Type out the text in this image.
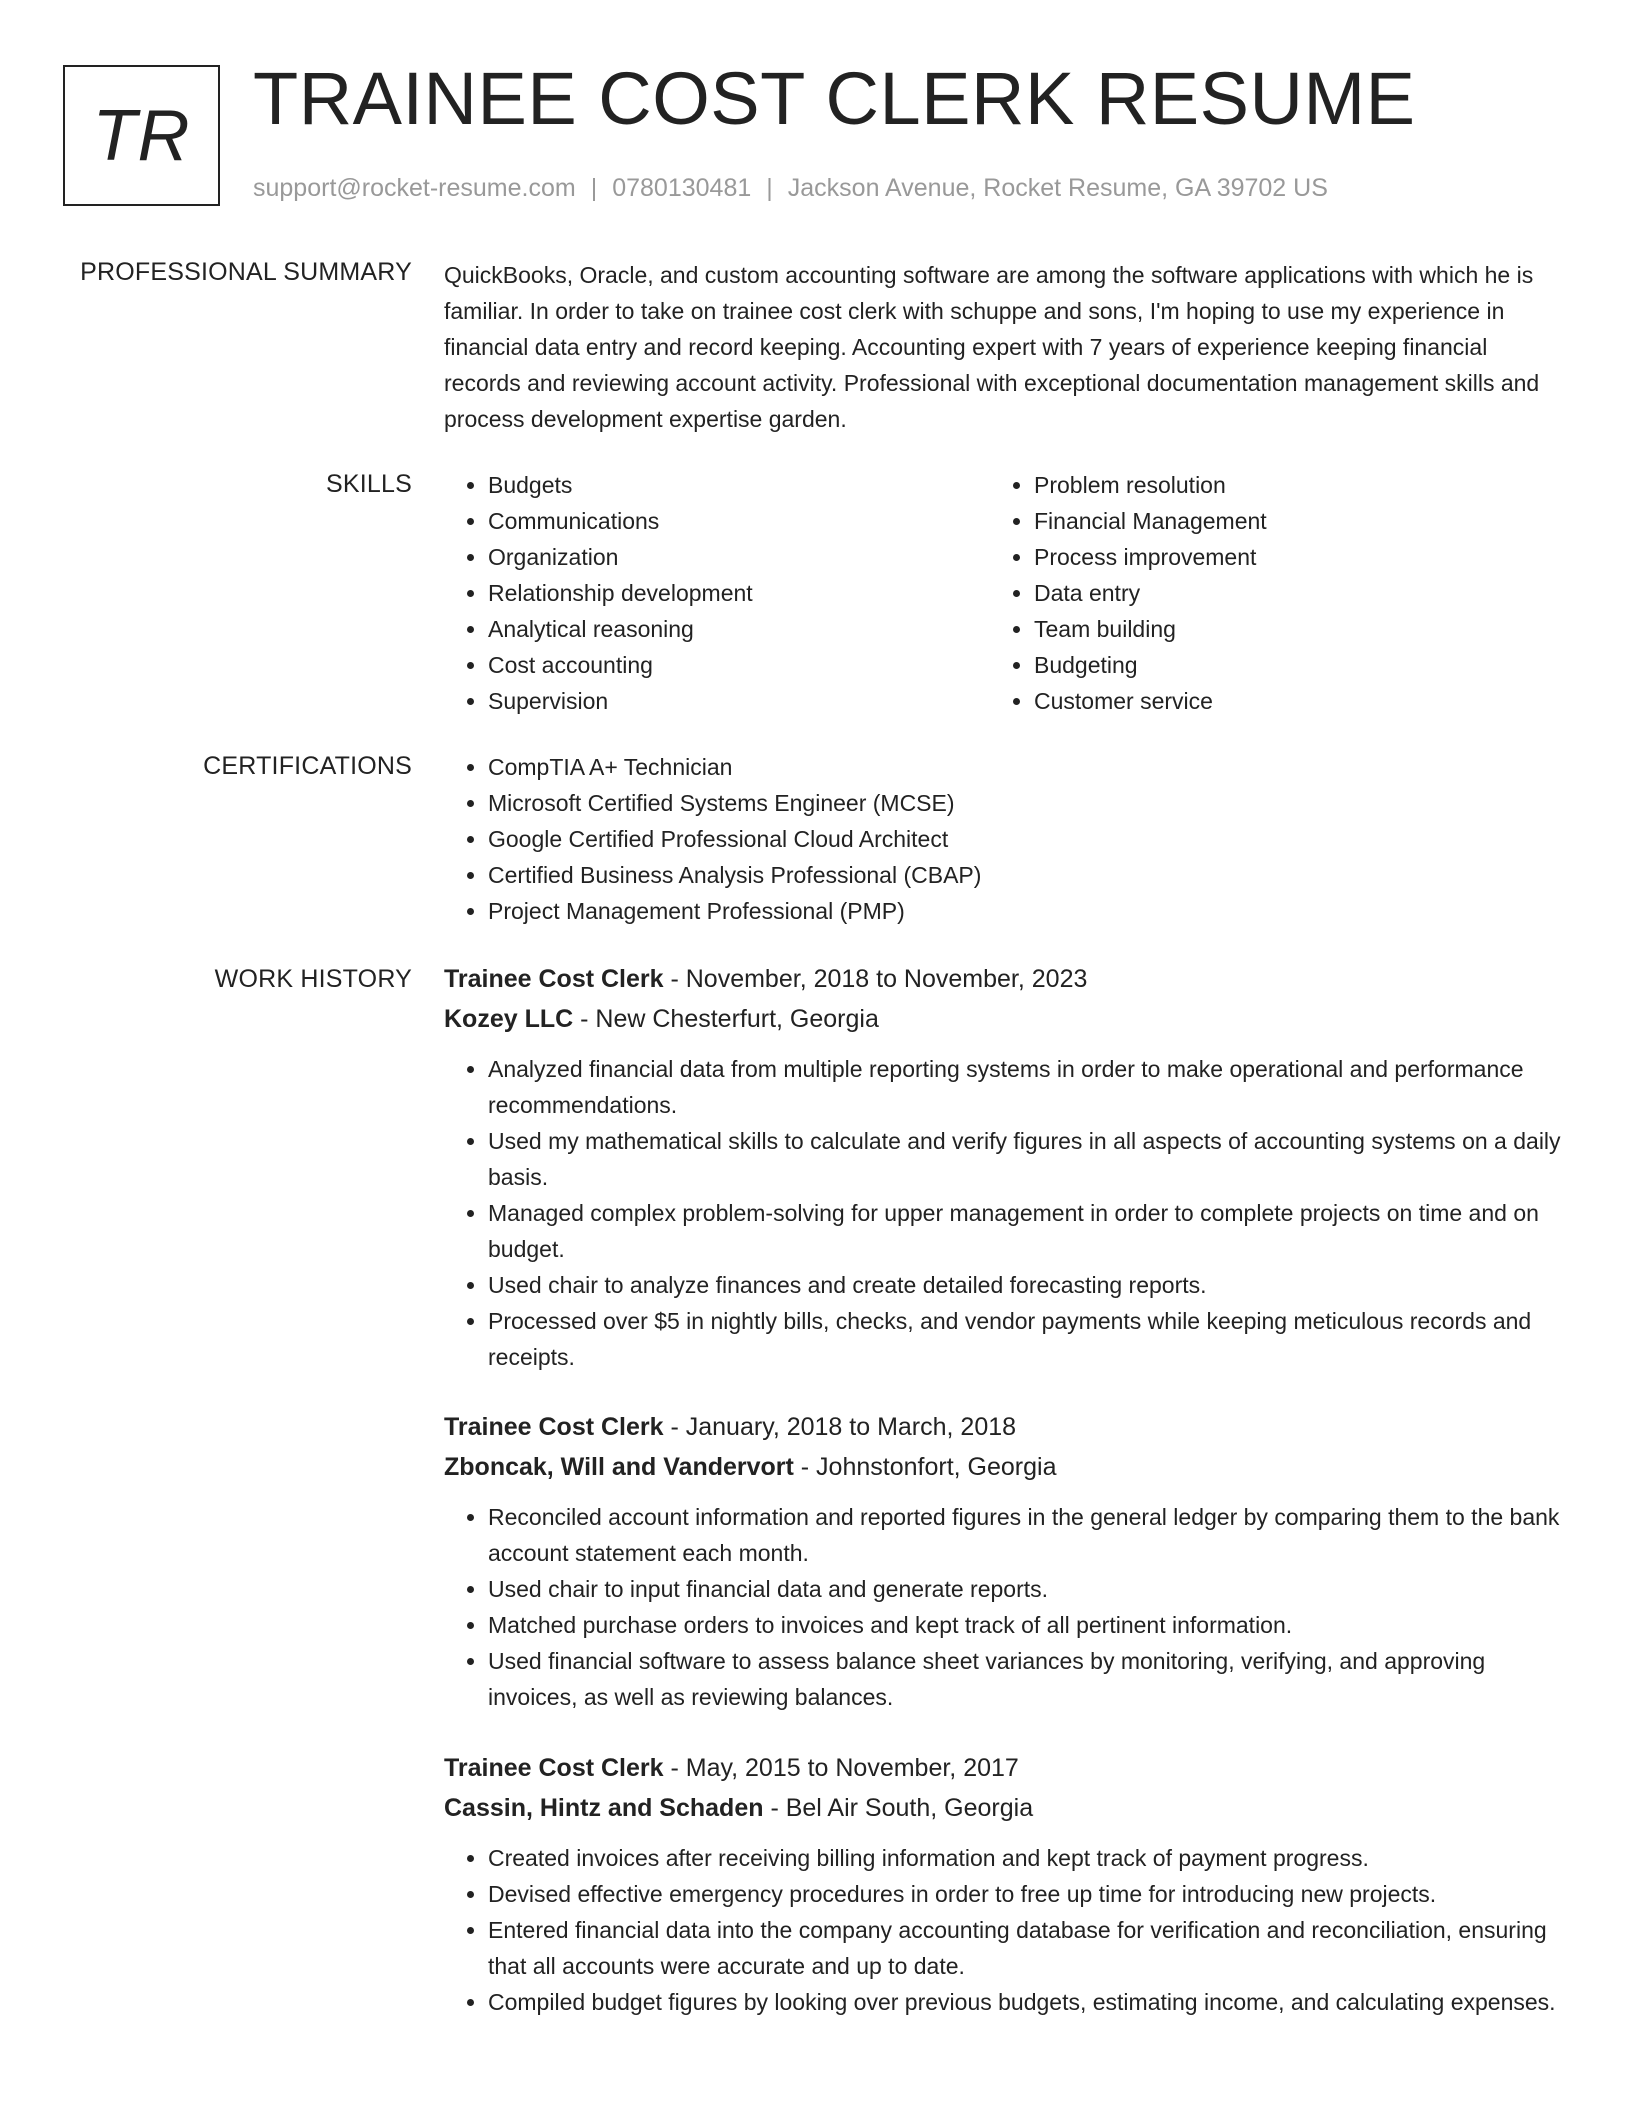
TR TRAINEE COST CLERK RESUME
support@rocket-resume.com | 0780130481 | Jackson Avenue, Rocket Resume, GA 39702 US
PROFESSIONAL SUMMARY QuickBooks, Oracle, and custom accounting software are among the software applications with which he is familiar. In order to take on trainee cost clerk with schuppe and sons, I'm hoping to use my experience in financial data entry and record keeping. Accounting expert with 7 years of experience keeping financial records and reviewing account activity. Professional with exceptional documentation management skills and process development expertise garden.

SKILLS	• Budgets
• Communications
• Organization
• Relationship development
• Analytical reasoning
• Cost accounting
• Supervision
• Problem resolution
• Financial Management
• Process improvement
• Data entry
• Team building
• Budgeting
• Customer service
CERTIFICATIONS	• CompTIA A+ Technician
• Microsoft Certified Systems Engineer (MCSE)
• Google Certified Professional Cloud Architect
• Certified Business Analysis Professional (CBAP)
• Project Management Professional (PMP)
WORK HISTORY Trainee Cost Clerk - November, 2018 to November, 2023
Kozey LLC - New Chesterfurt, Georgia
• Analyzed financial data from multiple reporting systems in order to make operational and performance recommendations.
• Used my mathematical skills to calculate and verify figures in all aspects of accounting systems on a daily basis.
• Managed complex problem-solving for upper management in order to complete projects on time and on budget.
• Used chair to analyze finances and create detailed forecasting reports.
• Processed over $5 in nightly bills, checks, and vendor payments while keeping meticulous records and receipts.
Trainee Cost Clerk - January, 2018 to March, 2018
Zboncak, Will and Vandervort - Johnstonfort, Georgia
• Reconciled account information and reported figures in the general ledger by comparing them to the bank account statement each month.
• Used chair to input financial data and generate reports.
• Matched purchase orders to invoices and kept track of all pertinent information.
• Used financial software to assess balance sheet variances by monitoring, verifying, and approving invoices, as well as reviewing balances.
Trainee Cost Clerk - May, 2015 to November, 2017
Cassin, Hintz and Schaden - Bel Air South, Georgia
• Created invoices after receiving billing information and kept track of payment progress.
• Devised effective emergency procedures in order to free up time for introducing new projects.
• Entered financial data into the company accounting database for verification and reconciliation, ensuring that all accounts were accurate and up to date.
• Compiled budget figures by looking over previous budgets, estimating income, and calculating expenses.
